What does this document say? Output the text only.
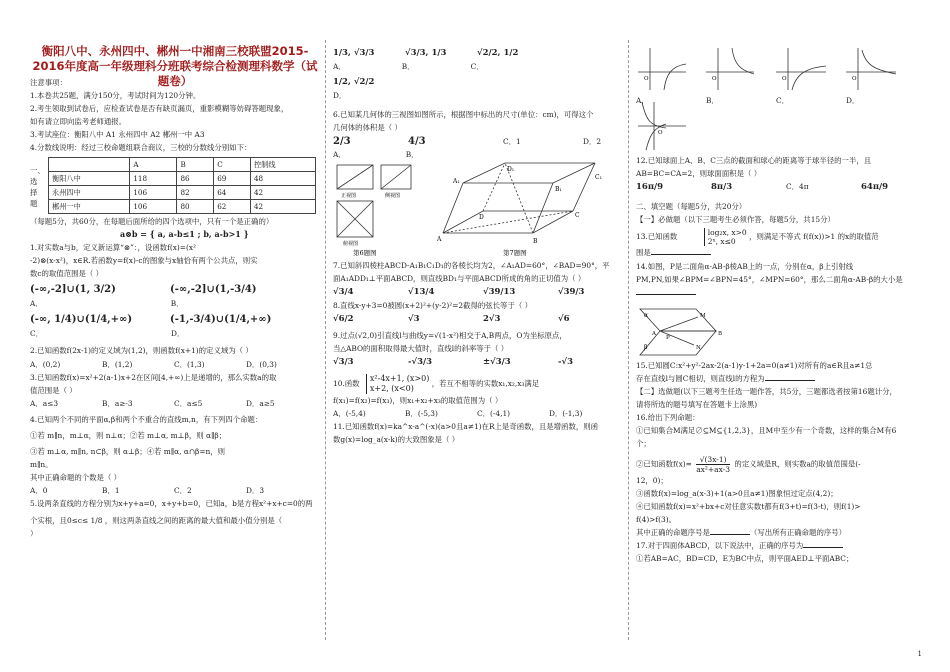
衡阳八中、永州四中、郴州一中湘南三校联盟2015-2016年度高一年级理科分班联考综合检测理科数学（试题卷）

注意事项：

1.本卷共25题，满分150分，考试时间为120分钟。

2.考生领取到试卷后，应检查试卷是否有缺页漏页，重影模糊等妨碍答题现象，

如有请立即向监考老师通报。

3.考试座位：衡阳八中 A1 永州四中 A2 郴州一中 A3

4.分数线说明：经过三校命题组联合商议，三校的分数线分别如下：

一、选择题
	A	B	C	控制线
衡阳八中	118	86	69	48
永州四中	106	82	64	42
郴州一中	106	80	62	42

（每题5分，共60分，在每题后面所给的四个选项中，只有一个是正确的）

a⊗b = { a, a-b≤1 ; b, a-b>1 }

1.对实数a与b，定义新运算“⊗”：，设函数f(x)=(x²

-2)⊗(x-x²)，x∈R.若函数y=f(x)-c的图象与x轴恰有两个公共点，则实

数c的取值范围是（ ）

(-∞,-2]∪(1, 3/2)	(-∞,-2]∪(1,-3/4)

A．	B．

(-∞, 1/4)∪(1/4,+∞)	(-1,-3/4)∪(1/4,+∞)

C．	D．

2.已知函数f(2x-1)的定义域为(1,2)，则函数f(x+1)的定义域为（ ）

A．(0,2)	B．(1,2)	C．(1,3)	D．(0,3)

3.已知函数f(x)=x²+2(a-1)x+2在区间[4,+∞)上是递增的，那么实数a的取

值范围是（ ）

A．a≤3	B．a≥-3	C．a≤5	D．a≥5

4.已知两个不同的平面α,β和两个不重合的直线m,n，有下列四个命题：

①若 m∥n，m⊥α，则 n⊥α；②若 m⊥α, m⊥β，则 α∥β；

③若 m⊥α, m∥n, n⊂β，则 α⊥β；④若 m∥α, α∩β=n，则

m∥n。

其中正确命题的个数是（ ）

A．0	B．1	C．2	D．3

5.设两条直线的方程分别为x+y+a=0，x+y+b=0，已知a，b是方程x²+x+c=0的两

个实根，且0≤c≤ 1/8 ，则这两条直线之间的距离的最大值和最小值分别是（

）

1/3, √3/3	√3/3, 1/3	√2/2, 1/2

A．	B．	C．

1/2, √2/2

D．

6.已知某几何体的三视图如图所示，根据图中标出的尺寸(单位：cm)，可得这个

几何体的体积是（ ）

2/3	4/3	C．1	D．2

A．	B．

正视图	侧视图
俯视图
第6题图
A	B
C
D
C₁
D₁
A₁
B₁
第7题图

7.已知斜四棱柱ABCD-A₁B₁C₁D₁的各棱长均为2，∠A₁AD=60°，∠BAD=90°，平

面A₁ADD₁⊥平面ABCD，则直线BD₁与平面ABCD所成的角的正切值为（ ）

√3/4	√13/4	√39/13	√39/3

8.直线x-y+3=0被圆(x+2)²+(y-2)²=2截得的弦长等于（ ）

√6/2	√3	2√3	√6

9.过点(√2,0)引直线l与曲线y=√(1-x²)相交于A,B两点，O为坐标原点，

当△ABO的面积取得最大值时，直线l的斜率等于（ ）

√3/3	-√3/3	±√3/3	-√3

10.函数
x²-4x+1, (x>0)
x+2, (x<0)
，若互不相等的实数x₁,x₂,x₃满足

f(x₁)=f(x₂)=f(x₃)，则x₁+x₂+x₃的取值范围为（ ）

A．(-5,4)	B．(-5,3)	C．(-4,1)	D．(-1,3)

11.已知函数f(x)=ka^x-a^(-x)(a>0且a≠1)在R上是奇函数，且是增函数，则函

数g(x)=log_a(x-k)的大致图象是（ ）

O	O	O	O
O
A．	B．	C．	D．

12.已知球面上A、B、C三点的截面和球心的距离等于球半径的一半，且

AB=BC=CA=2，则球面面积是（ ）

16π/9	8π/3	C．4π	64π/9

二、填空题（每题5分，共20分）

【一】必做题（以下三题考生必须作答，每题5分，共15分）

13.已知函数	log₂x, x>0
2ˣ, x≤0
，则满足不等式 f(f(x))>1 的x的取值范

围是

14.如图，P是二面角α-AB-β棱AB上的一点，分别在α，β上引射线

PM,PN,如果∠BPM=∠BPN=45°，∠MPN=60°，那么二面角α-AB-β的大小是

α
β
A	B
P
M
N

15.已知圆C:x²+y²-2ax-2(a-1)y-1+2a=0(a≠1)对所有的a∈R且a≠1总

存在直线l与圆C相切，则直线l的方程为

【二】选做题(以下三题考生任选一题作答，共5分，三题都选者按第16题计分，

请将所选的题号填写在答题卡上涂黑)

16.给出下列命题：

①已知集合M满足∅⊆M⊆{1,2,3}，且M中至少有一个奇数，这样的集合M有6

个；

②已知函数$f(x)= \frac{√(3x-1)}{\text{ax²+ax-3}}$ 的定义域是R，则实数a的取值范围是(-

12，0)；

③函数f(x)=log_a(x-3)+1(a>0且a≠1)图象恒过定点(4,2)；

④已知函数f(x)=x²+bx+c对任意实数t都有f(3+t)=f(3-t)，则f(1)>

f(4)>f(3)。

其中正确的命题序号是	（写出所有正确命题的序号）

17.对于四面体ABCD，以下说法中，正确的序号为

①若AB=AC，BD=CD，E为BC中点，则平面AED⊥平面ABC；

1
